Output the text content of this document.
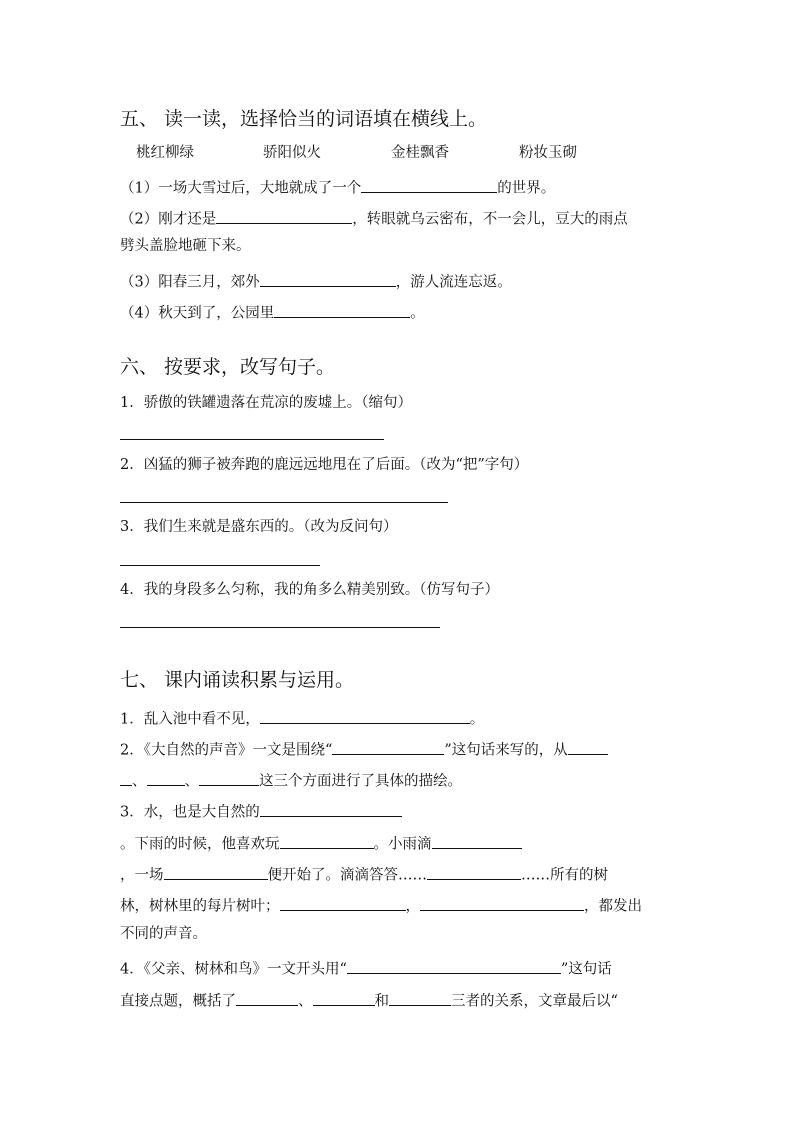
五、 读一读，选择恰当的词语填在横线上。
桃红柳绿	骄阳似火	金桂飘香	粉妆玉砌
（1）一场大雪过后，大地就成了一个	的世界。
（2）刚才还是	，转眼就乌云密布，不一会儿，豆大的雨点
劈头盖脸地砸下来。
（3）阳春三月，郊外	，游人流连忘返。
（4）秋天到了，公园里	。
六、 按要求，改写句子。
1．骄傲的铁罐遗落在荒凉的废墟上。（缩句）
2．凶猛的狮子被奔跑的鹿远远地甩在了后面。（改为“把”字句）
3．我们生来就是盛东西的。（改为反问句）
4．我的身段多么匀称，我的角多么精美别致。（仿写句子）
七、 课内诵读积累与运用。
1．乱入池中看不见，	。
2．《大自然的声音》一文是围绕“	”这句话来写的，从
、	、	这三个方面进行了具体的描绘。
3．水，也是大自然的
。下雨的时候，他喜欢玩	。小雨滴
，一场	便开始了。滴滴答答……	……所有的树
林，树林里的每片树叶；	，	，都发出
不同的声音。
4．《父亲、树林和鸟》一文开头用“	”这句话
直接点题，概括了	、	和	三者的关系，文章最后以“
